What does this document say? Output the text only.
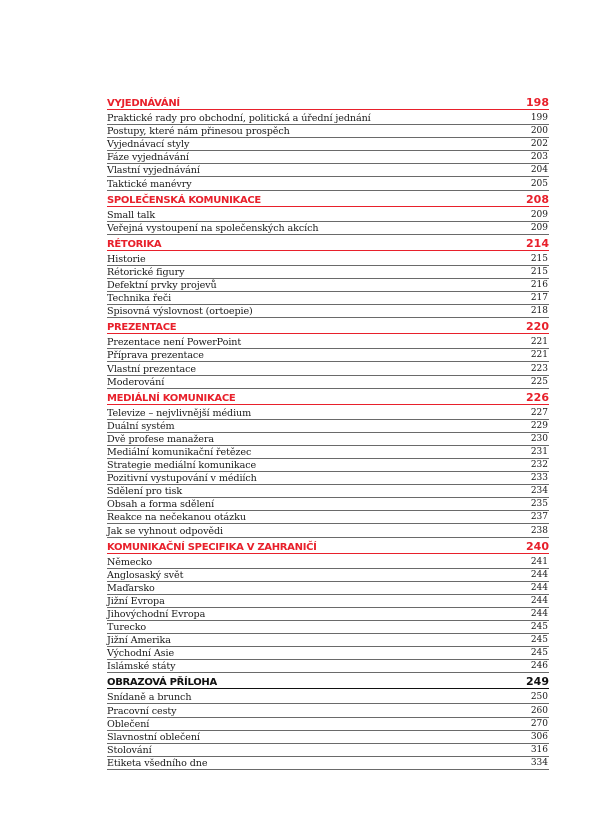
VYJEDNÁVÁNÍ	198
Praktické rady pro obchodní, politická a úřední jednání	199
Postupy, které nám přinesou prospěch	200
Vyjednávací styly	202
Fáze vyjednávání	203
Vlastní vyjednávání	204
Taktické manévry	205
SPOLEČENSKÁ KOMUNIKACE	208
Small talk	209
Veřejná vystoupení na společenských akcích	209
RÉTORIKA	214
Historie	215
Rétorické figury	215
Defektní prvky projevů	216
Technika řeči	217
Spisovná výslovnost (ortoepie)	218
PREZENTACE	220
Prezentace není PowerPoint	221
Příprava prezentace	221
Vlastní prezentace	223
Moderování	225
MEDIÁLNÍ KOMUNIKACE	226
Televize – nejvlivnější médium	227
Duální systém	229
Dvě profese manažera	230
Mediální komunikační řetězec	231
Strategie mediální komunikace	232
Pozitivní vystupování v médiích	233
Sdělení pro tisk	234
Obsah a forma sdělení	235
Reakce na nečekanou otázku	237
Jak se vyhnout odpovědi	238
KOMUNIKAČNÍ SPECIFIKA V ZAHRANIČÍ	240
Německo	241
Anglosaský svět	244
Maďarsko	244
Jižní Evropa	244
Jihovýchodní Evropa	244
Turecko	245
Jižní Amerika	245
Východní Asie	245
Islámské státy	246
OBRAZOVÁ PŘÍLOHA	249
Snídaně a brunch	250
Pracovní cesty	260
Oblečení	270
Slavnostní oblečení	306
Stolování	316
Etiketa všedního dne	334
